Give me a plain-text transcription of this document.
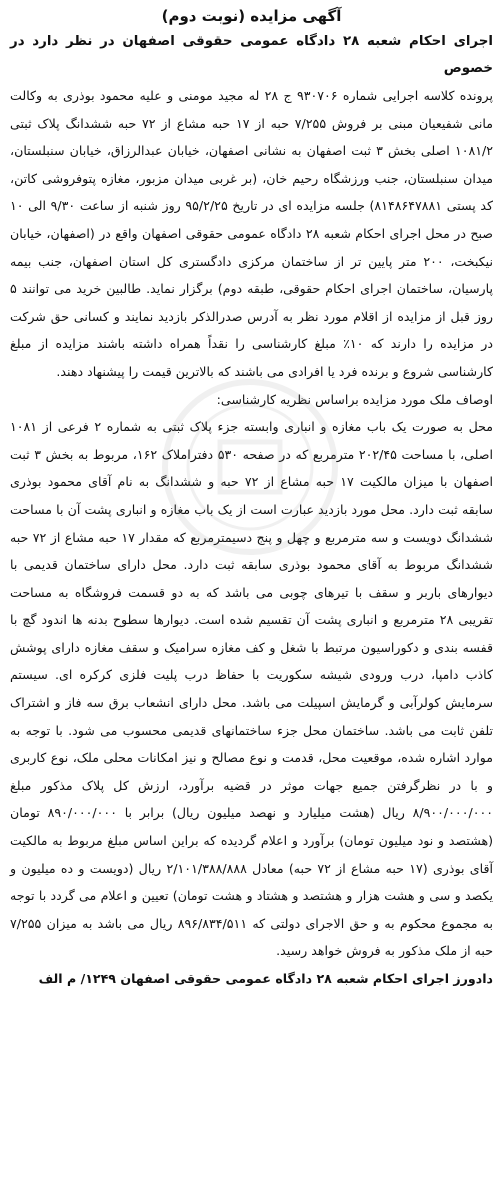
آگهی مزایده (نوبت دوم)

اجرای احکام شعبه ۲۸ دادگاه عمومی حقوقی اصفهان در نظر دارد در خصوص

پرونده کلاسه اجرایی شماره ۹۳۰۷۰۶ ج ۲۸ له مجید مومنی و علیه محمود بوذری به وکالت مانی شفیعیان مبنی بر فروش ۷/۲۵۵ حبه از ۱۷ حبه مشاع از ۷۲ حبه ششدانگ پلاک ثبتی ۱۰۸۱/۲ اصلی بخش ۳ ثبت اصفهان به نشانی اصفهان، خیابان عبدالرزاق، خیابان سنبلستان، میدان سنبلستان، جنب ورزشگاه رحیم خان، (بر غربی میدان مزبور، مغازه پتوفروشی کاتن، کد پستی ۸۱۴۸۶۴۷۸۸۱) جلسه مزایده ای در تاریخ ۹۵/۲/۲۵ روز شنبه از ساعت ۹/۳۰ الی ۱۰ صبح در محل اجرای احکام شعبه ۲۸ دادگاه عمومی حقوقی اصفهان واقع در (اصفهان، خیابان نیکبخت، ۲۰۰ متر پایین تر از ساختمان مرکزی دادگستری کل استان اصفهان، جنب بیمه پارسیان، ساختمان اجرای احکام حقوقی، طبقه دوم) برگزار نماید. طالبین خرید می توانند ۵ روز قبل از مزایده از اقلام مورد نظر به آدرس صدرالذکر بازدید نمایند و کسانی حق شرکت در مزایده را دارند که ۱۰٪ مبلغ کارشناسی را نقداً همراه داشته باشند مزایده از مبلغ کارشناسی شروع و برنده فرد یا افرادی می باشند که بالاترین قیمت را پیشنهاد دهند.

اوصاف ملک مورد مزایده براساس نظریه کارشناسی:

محل به صورت یک باب مغازه و انباری وابسته جزء پلاک ثبتی به شماره ۲ فرعی از ۱۰۸۱ اصلی، با مساحت ۲۰۲/۴۵ مترمربع که در صفحه ۵۳۰ دفتراملاک ۱۶۲، مربوط به بخش ۳ ثبت اصفهان با میزان مالکیت ۱۷ حبه مشاع از ۷۲ حبه و ششدانگ به نام آقای محمود بوذری سابقه ثبت دارد. محل مورد بازدید عبارت است از یک باب مغازه و انباری پشت آن با مساحت ششدانگ دویست و سه مترمربع و چهل و پنج دسیمترمربع که مقدار ۱۷ حبه مشاع از ۷۲ حبه ششدانگ مربوط به آقای محمود بوذری سابقه ثبت دارد. محل دارای ساختمان قدیمی با دیوارهای باربر و سقف با تیرهای چوبی می باشد که به دو قسمت فروشگاه به مساحت تقریبی ۲۸ مترمربع و انباری پشت آن تقسیم شده است. دیوارها سطوح بدنه ها اندود گچ با قفسه بندی و دکوراسیون مرتبط با شغل و کف مغازه سرامیک و سقف مغازه دارای پوشش کاذب دامپا، درب ورودی شیشه سکوریت با حفاظ درب پلیت فلزی کرکره ای. سیستم سرمایش کولرآبی و گرمایش اسپیلت می باشد. محل دارای انشعاب برق سه فاز و اشتراک تلفن ثابت می باشد. ساختمان محل جزء ساختمانهای قدیمی محسوب می شود. با توجه به موارد اشاره شده، موقعیت محل، قدمت و نوع مصالح و نیز امکانات محلی ملک، نوع کاربری و با در نظرگرفتن جمیع جهات موثر در قضیه برآورد، ارزش کل پلاک مذکور مبلغ ۸/۹۰۰/۰۰۰/۰۰۰ ریال (هشت میلیارد و نهصد میلیون ریال) برابر با ۸۹۰/۰۰۰/۰۰۰ تومان (هشتصد و نود میلیون تومان) برآورد و اعلام گردیده که براین اساس مبلغ مربوط به مالکیت آقای بوذری (۱۷ حبه مشاع از ۷۲ حبه) معادل ۲/۱۰۱/۳۸۸/۸۸۸ ریال (دویست و ده میلیون و یکصد و سی و هشت هزار و هشتصد و هشتاد و هشت تومان) تعیین و اعلام می گردد با توجه به مجموع محکوم به و حق الاجرای دولتی که ۸۹۶/۸۳۴/۵۱۱ ریال می باشد به میزان ۷/۲۵۵ حبه از ملک مذکور به فروش خواهد رسید.

دادورز اجرای احکام شعبه ۲۸ دادگاه عمومی حقوقی اصفهان ۱۲۴۹/ م الف
